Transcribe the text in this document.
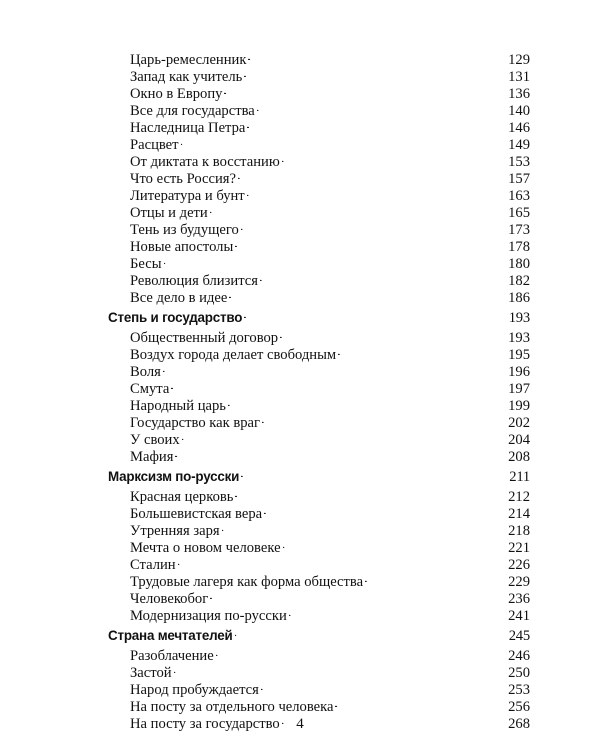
Царь-ремесленник . . .	129
Запад как учитель . . .	131
Окно в Европу . . .	136
Все для государства . . .	140
Наследница Петра . . .	146
Расцвет . . .	149
От диктата к восстанию . . .	153
Что есть Россия? . . .	157
Литература и бунт . . .	163
Отцы и дети . . .	165
Тень из будущего . . .	173
Новые апостолы . . .	178
Бесы . . .	180
Революция близится . . .	182
Все дело в идее . . .	186
Степь и государство . . .	193
Общественный договор . . .	193
Воздух города делает свободным . . .	195
Воля . . .	196
Смута . . .	197
Народный царь . . .	199
Государство как враг . . .	202
У своих . . .	204
Мафия . . .	208
Марксизм по-русски . . .	211
Красная церковь . . .	212
Большевистская вера . . .	214
Утренняя заря . . .	218
Мечта о новом человеке . . .	221
Сталин . . .	226
Трудовые лагеря как форма общества . . .	229
Человекобог . . .	236
Модернизация по-русски . . .	241
Страна мечтателей . . .	245
Разоблачение . . .	246
Застой . . .	250
Народ пробуждается . . .	253
На посту за отдельного человека . . .	256
На посту за государство . . .	268
4
